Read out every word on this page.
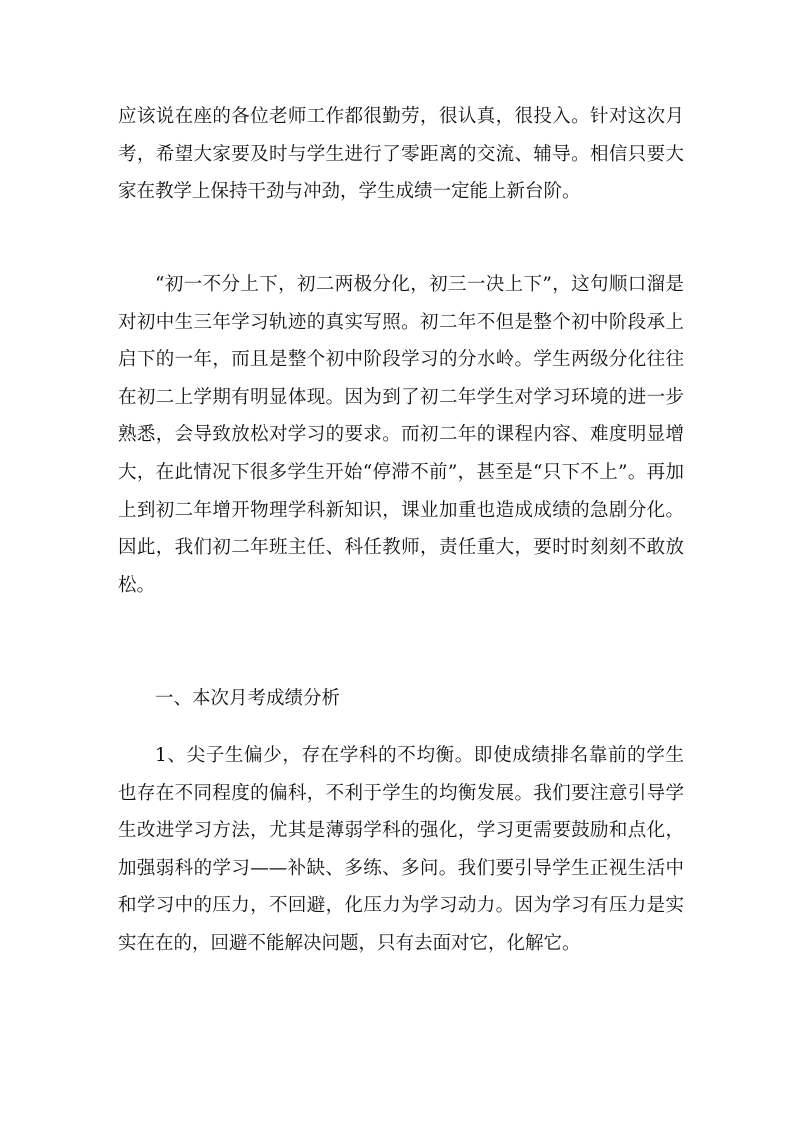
应该说在座的各位老师工作都很勤劳，很认真，很投入。针对这次月考，希望大家要及时与学生进行了零距离的交流、辅导。相信只要大家在教学上保持干劲与冲劲，学生成绩一定能上新台阶。

“初一不分上下，初二两极分化，初三一决上下”，这句顺口溜是对初中生三年学习轨迹的真实写照。初二年不但是整个初中阶段承上启下的一年，而且是整个初中阶段学习的分水岭。学生两级分化往往在初二上学期有明显体现。因为到了初二年学生对学习环境的进一步熟悉，会导致放松对学习的要求。而初二年的课程内容、难度明显增大，在此情况下很多学生开始“停滞不前”，甚至是“只下不上”。再加上到初二年增开物理学科新知识，课业加重也造成成绩的急剧分化。因此，我们初二年班主任、科任教师，责任重大，要时时刻刻不敢放松。

一、本次月考成绩分析

1、尖子生偏少，存在学科的不均衡。即使成绩排名靠前的学生也存在不同程度的偏科，不利于学生的均衡发展。我们要注意引导学生改进学习方法，尤其是薄弱学科的强化，学习更需要鼓励和点化，加强弱科的学习——补缺、多练、多问。我们要引导学生正视生活中和学习中的压力，不回避，化压力为学习动力。因为学习有压力是实实在在的，回避不能解决问题，只有去面对它，化解它。
